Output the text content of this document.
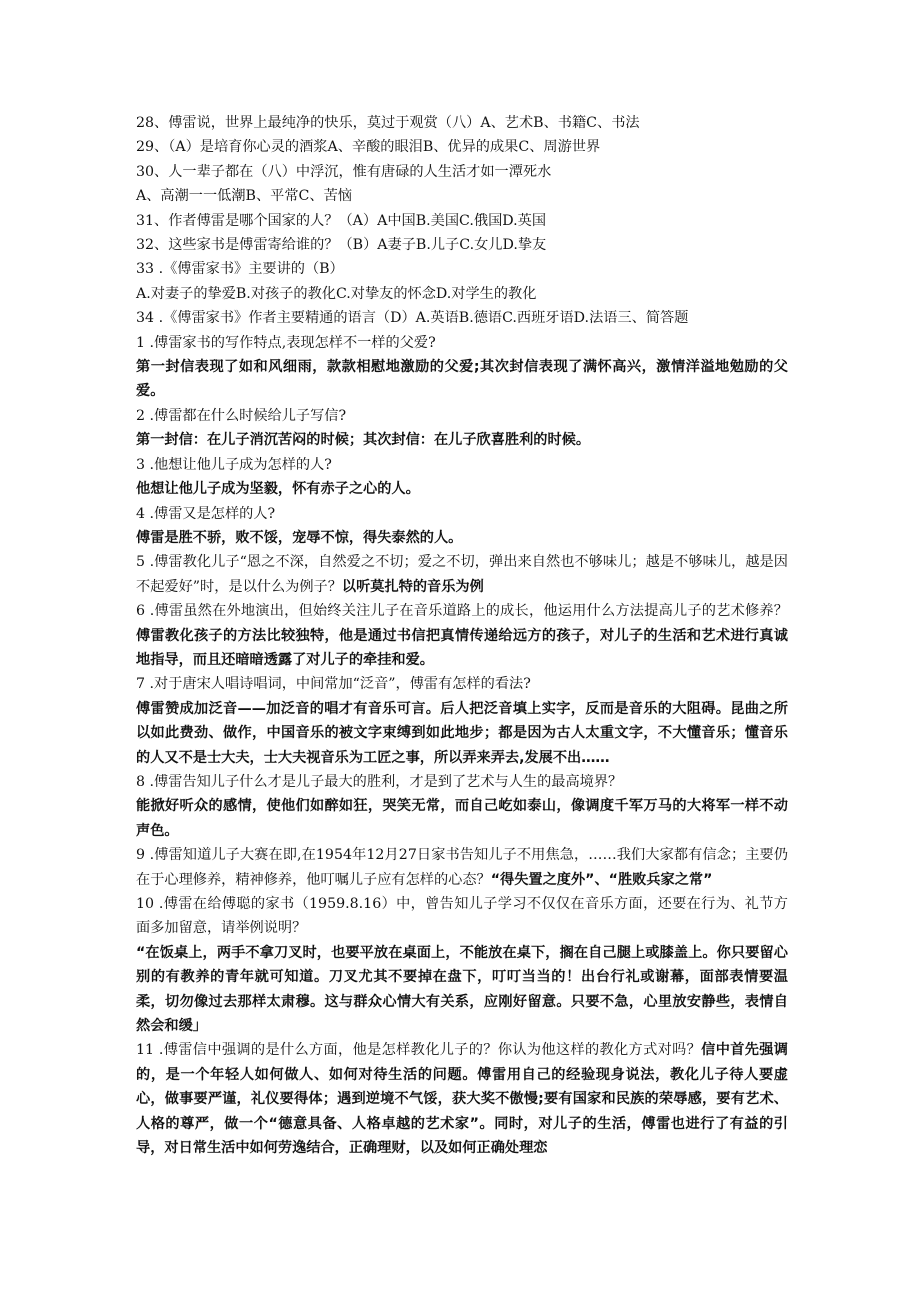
28、傅雷说，世界上最纯净的快乐，莫过于观赏（八）A、艺术B、书籍C、书法
29、（A）是培育你心灵的酒浆A、辛酸的眼泪B、优异的成果C、周游世界
30、人一辈子都在（八）中浮沉，惟有唐碌的人生活才如一潭死水
A、高潮一一低潮B、平常C、苦恼
31、作者傅雷是哪个国家的人？（A）A中国B.美国C.俄国D.英国
32、这些家书是傅雷寄给谁的？（B）A妻子B.儿子C.女儿D.挚友
33 .《傅雷家书》主要讲的（B）
A.对妻子的挚爱B.对孩子的教化C.对挚友的怀念D.对学生的教化
34 .《傅雷家书》作者主要精通的语言（D）A.英语B.德语C.西班牙语D.法语三、简答题
1 .傅雷家书的写作特点,表现怎样不一样的父爱?
第一封信表现了如和风细雨，款款相慰地激励的父爱;其次封信表现了满怀高兴，激情洋溢地勉励的父爱。
2 .傅雷都在什么时候给儿子写信?
第一封信：在儿子消沉苦闷的时候；其次封信：在儿子欣喜胜利的时候。
3 .他想让他儿子成为怎样的人?
他想让他儿子成为坚毅，怀有赤子之心的人。
4 .傅雷又是怎样的人?
傅雷是胜不骄，败不馁，宠辱不惊，得失泰然的人。
5 .傅雷教化儿子“恩之不深，自然爱之不切；爱之不切，弹出来自然也不够味儿；越是不够味儿，越是因不起爱好”时，是以什么为例子？以听莫扎特的音乐为例
6 .傅雷虽然在外地演出，但始终关注儿子在音乐道路上的成长，他运用什么方法提高儿子的艺术修养？傅雷教化孩子的方法比较独特，他是通过书信把真情传递给远方的孩子，对儿子的生活和艺术进行真诚地指导，而且还暗暗透露了对儿子的牵挂和爱。
7 .对于唐宋人唱诗唱词，中间常加“泛音”，傅雷有怎样的看法?
傅雷赞成加泛音——加泛音的唱才有音乐可言。后人把泛音填上实字，反而是音乐的大阻碍。昆曲之所以如此费劲、做作，中国音乐的被文字束缚到如此地步；都是因为古人太重文字，不大懂音乐；懂音乐的人又不是士大夫，士大夫视音乐为工匠之事，所以弄来弄去,发展不出……
8 .傅雷告知儿子什么才是儿子最大的胜利，才是到了艺术与人生的最高境界？
能掀好听众的感情，使他们如醉如狂，哭笑无常，而自己屹如泰山，像调度千军万马的大将军一样不动声色。
9 .傅雷知道儿子大赛在即,在1954年12月27日家书告知儿子不用焦急，……我们大家都有信念；主要仍在于心理修养，精神修养，他叮嘱儿子应有怎样的心态？“得失置之度外”、“胜败兵家之常”
10 .傅雷在给傅聪的家书（1959.8.16）中，曾告知儿子学习不仅仅在音乐方面，还要在行为、礼节方面多加留意，请举例说明？
“在饭桌上，两手不拿刀叉时，也要平放在桌面上，不能放在桌下，搁在自己腿上或膝盖上。你只要留心别的有教养的青年就可知道。刀叉尤其不要掉在盘下，叮叮当当的！出台行礼或谢幕，面部表情要温柔，切勿像过去那样太肃穆。这与群众心情大有关系，应刚好留意。只要不急，心里放安静些，表情自然会和缓」
11 .傅雷信中强调的是什么方面，他是怎样教化儿子的？你认为他这样的教化方式对吗？信中首先强调的，是一个年轻人如何做人、如何对待生活的问题。傅雷用自己的经验现身说法，教化儿子待人要虚心，做事要严谨，礼仪要得体；遇到逆境不气馁，获大奖不傲慢;要有国家和民族的荣辱感，要有艺术、人格的尊严，做一个“德意具备、人格卓越的艺术家”。同时，对儿子的生活，傅雷也进行了有益的引导，对日常生活中如何劳逸结合，正确理财，以及如何正确处理恋
